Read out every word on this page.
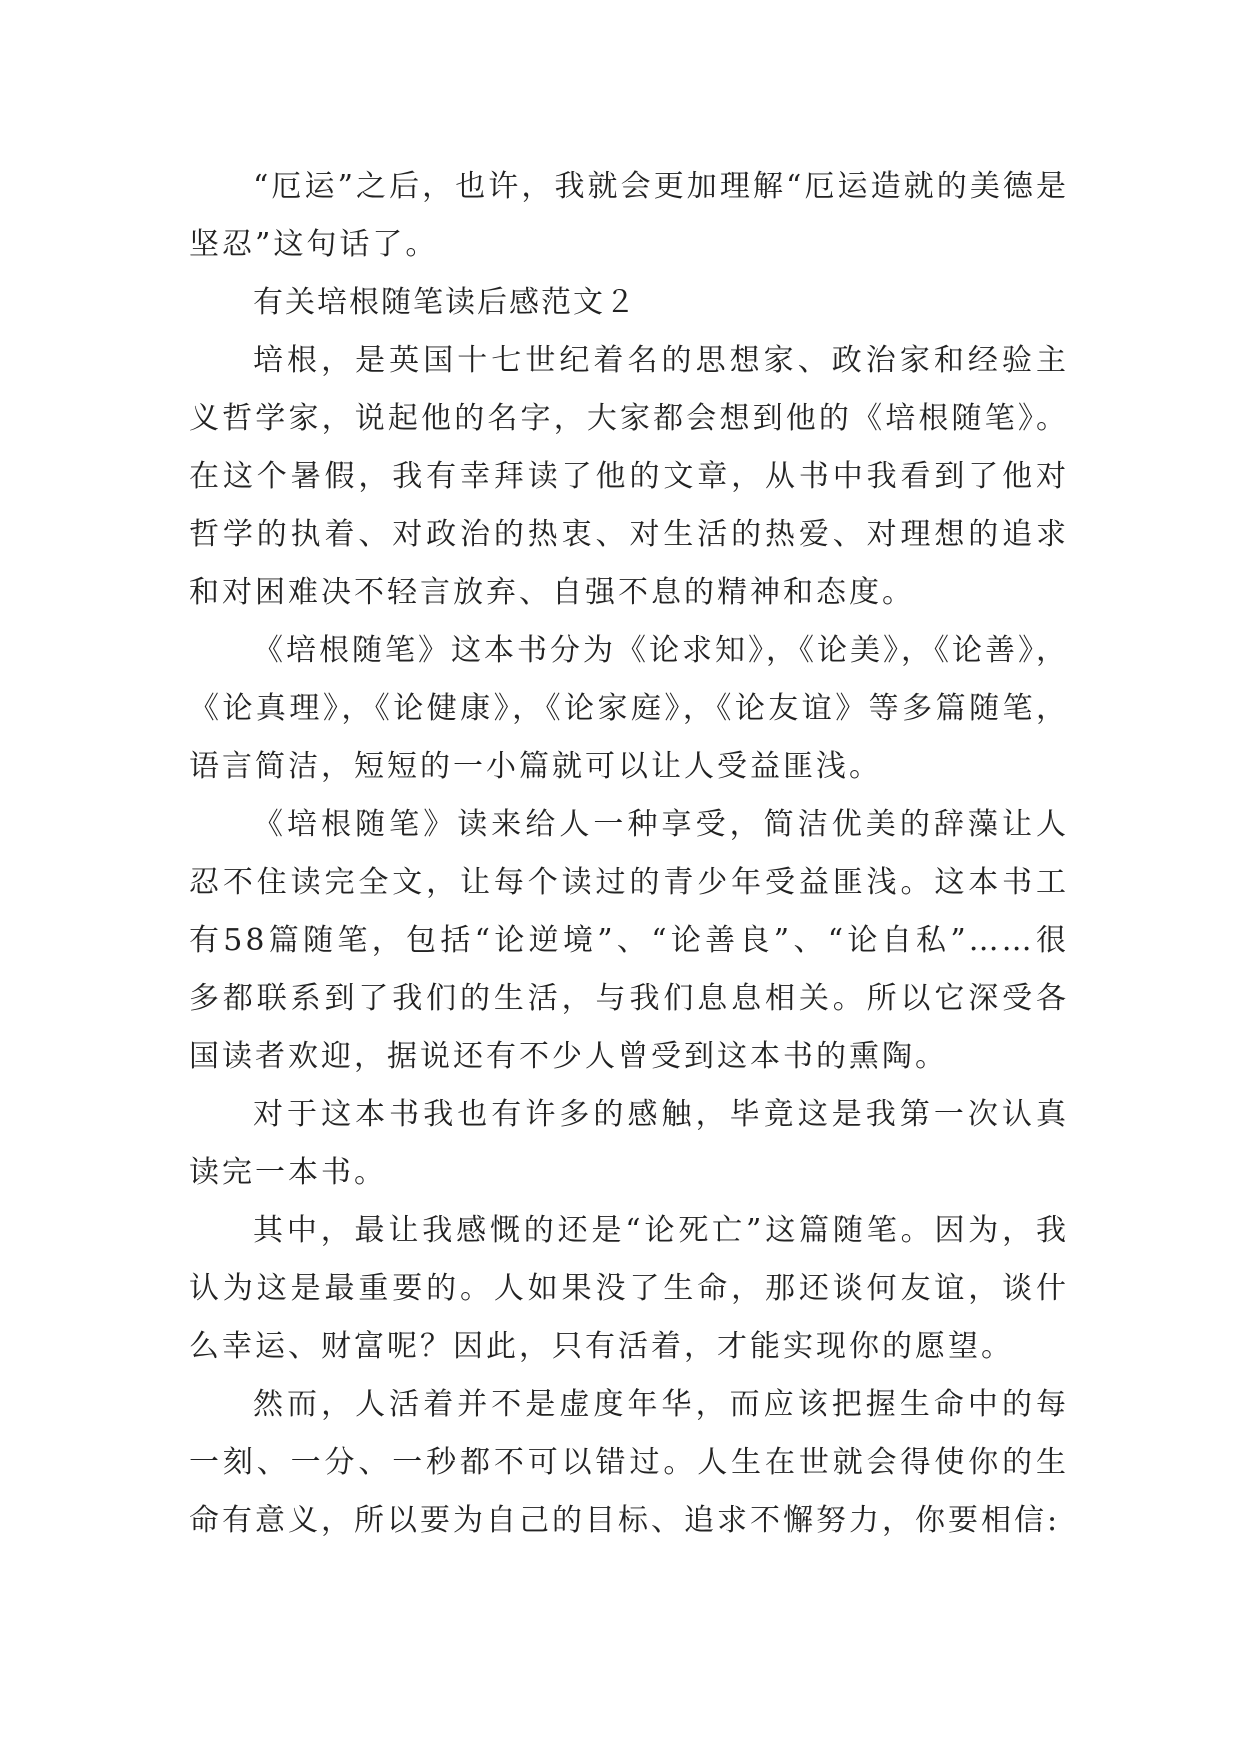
“厄运”之后，也许，我就会更加理解“厄运造就的美德是坚忍”这句话了。

有关培根随笔读后感范文２

培根，是英国十七世纪着名的思想家、政治家和经验主义哲学家，说起他的名字，大家都会想到他的《培根随笔》。在这个暑假，我有幸拜读了他的文章，从书中我看到了他对哲学的执着、对政治的热衷、对生活的热爱、对理想的追求和对困难决不轻言放弃、自强不息的精神和态度。

《培根随笔》这本书分为《论求知》，《论美》，《论善》，《论真理》，《论健康》，《论家庭》，《论友谊》等多篇随笔，语言简洁，短短的一小篇就可以让人受益匪浅。

《培根随笔》读来给人一种享受，简洁优美的辞藻让人忍不住读完全文，让每个读过的青少年受益匪浅。这本书工有58篇随笔，包括“论逆境”、“论善良”、“论自私”……很多都联系到了我们的生活，与我们息息相关。所以它深受各国读者欢迎，据说还有不少人曾受到这本书的熏陶。

对于这本书我也有许多的感触，毕竟这是我第一次认真读完一本书。

其中，最让我感慨的还是“论死亡”这篇随笔。因为，我认为这是最重要的。人如果没了生命，那还谈何友谊，谈什么幸运、财富呢？因此，只有活着，才能实现你的愿望。

然而，人活着并不是虚度年华，而应该把握生命中的每一刻、一分、一秒都不可以错过。人生在世就会得使你的生命有意义，所以要为自己的目标、追求不懈努力，你要相信:
